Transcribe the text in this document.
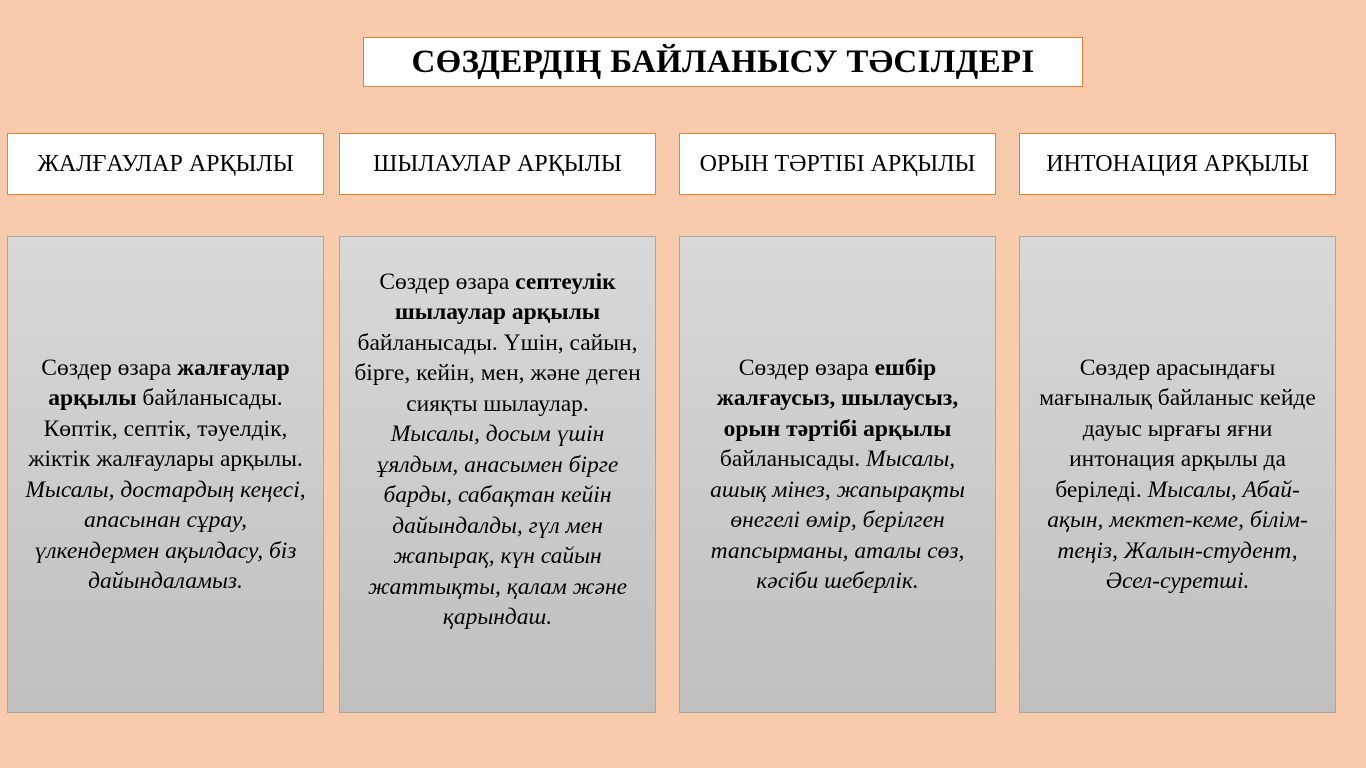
СӨЗДЕРДІҢ БАЙЛАНЫСУ ТӘСІЛДЕРІ
ЖАЛҒАУЛАР АРҚЫЛЫ
Сөздер өзара жалғаулар арқылы байланысады. Көптік, септік, тәуелдік, жіктік жалғаулары арқылы.
Мысалы, достардың кеңесі, апасынан сұрау, үлкендермен ақылдасу, біз дайындаламыз.
ШЫЛАУЛАР АРҚЫЛЫ
Сөздер өзара септеулік шылаулар арқылы байланысады. Үшін, сайын, бірге, кейін, мен, және деген сияқты шылаулар.
Мысалы, досым үшін ұялдым, анасымен бірге барды, сабақтан кейін дайындалды, гүл мен жапырақ, күн сайын жаттықты, қалам және қарындаш.
ОРЫН ТӘРТІБІ АРҚЫЛЫ
Сөздер өзара ешбір жалғаусыз, шылаусыз, орын тәртібі арқылы байланысады. Мысалы, ашық мінез, жапырақты өнегелі өмір, берілген тапсырманы, аталы сөз, кәсіби шеберлік.
ИНТОНАЦИЯ АРҚЫЛЫ
Сөздер арасындағы мағыналық байланыс кейде дауыс ырғағы яғни интонация арқылы да беріледі. Мысалы, Абай-ақын, мектеп-кеме, білім-теңіз, Жалын-студент, Әсел-суретші.
